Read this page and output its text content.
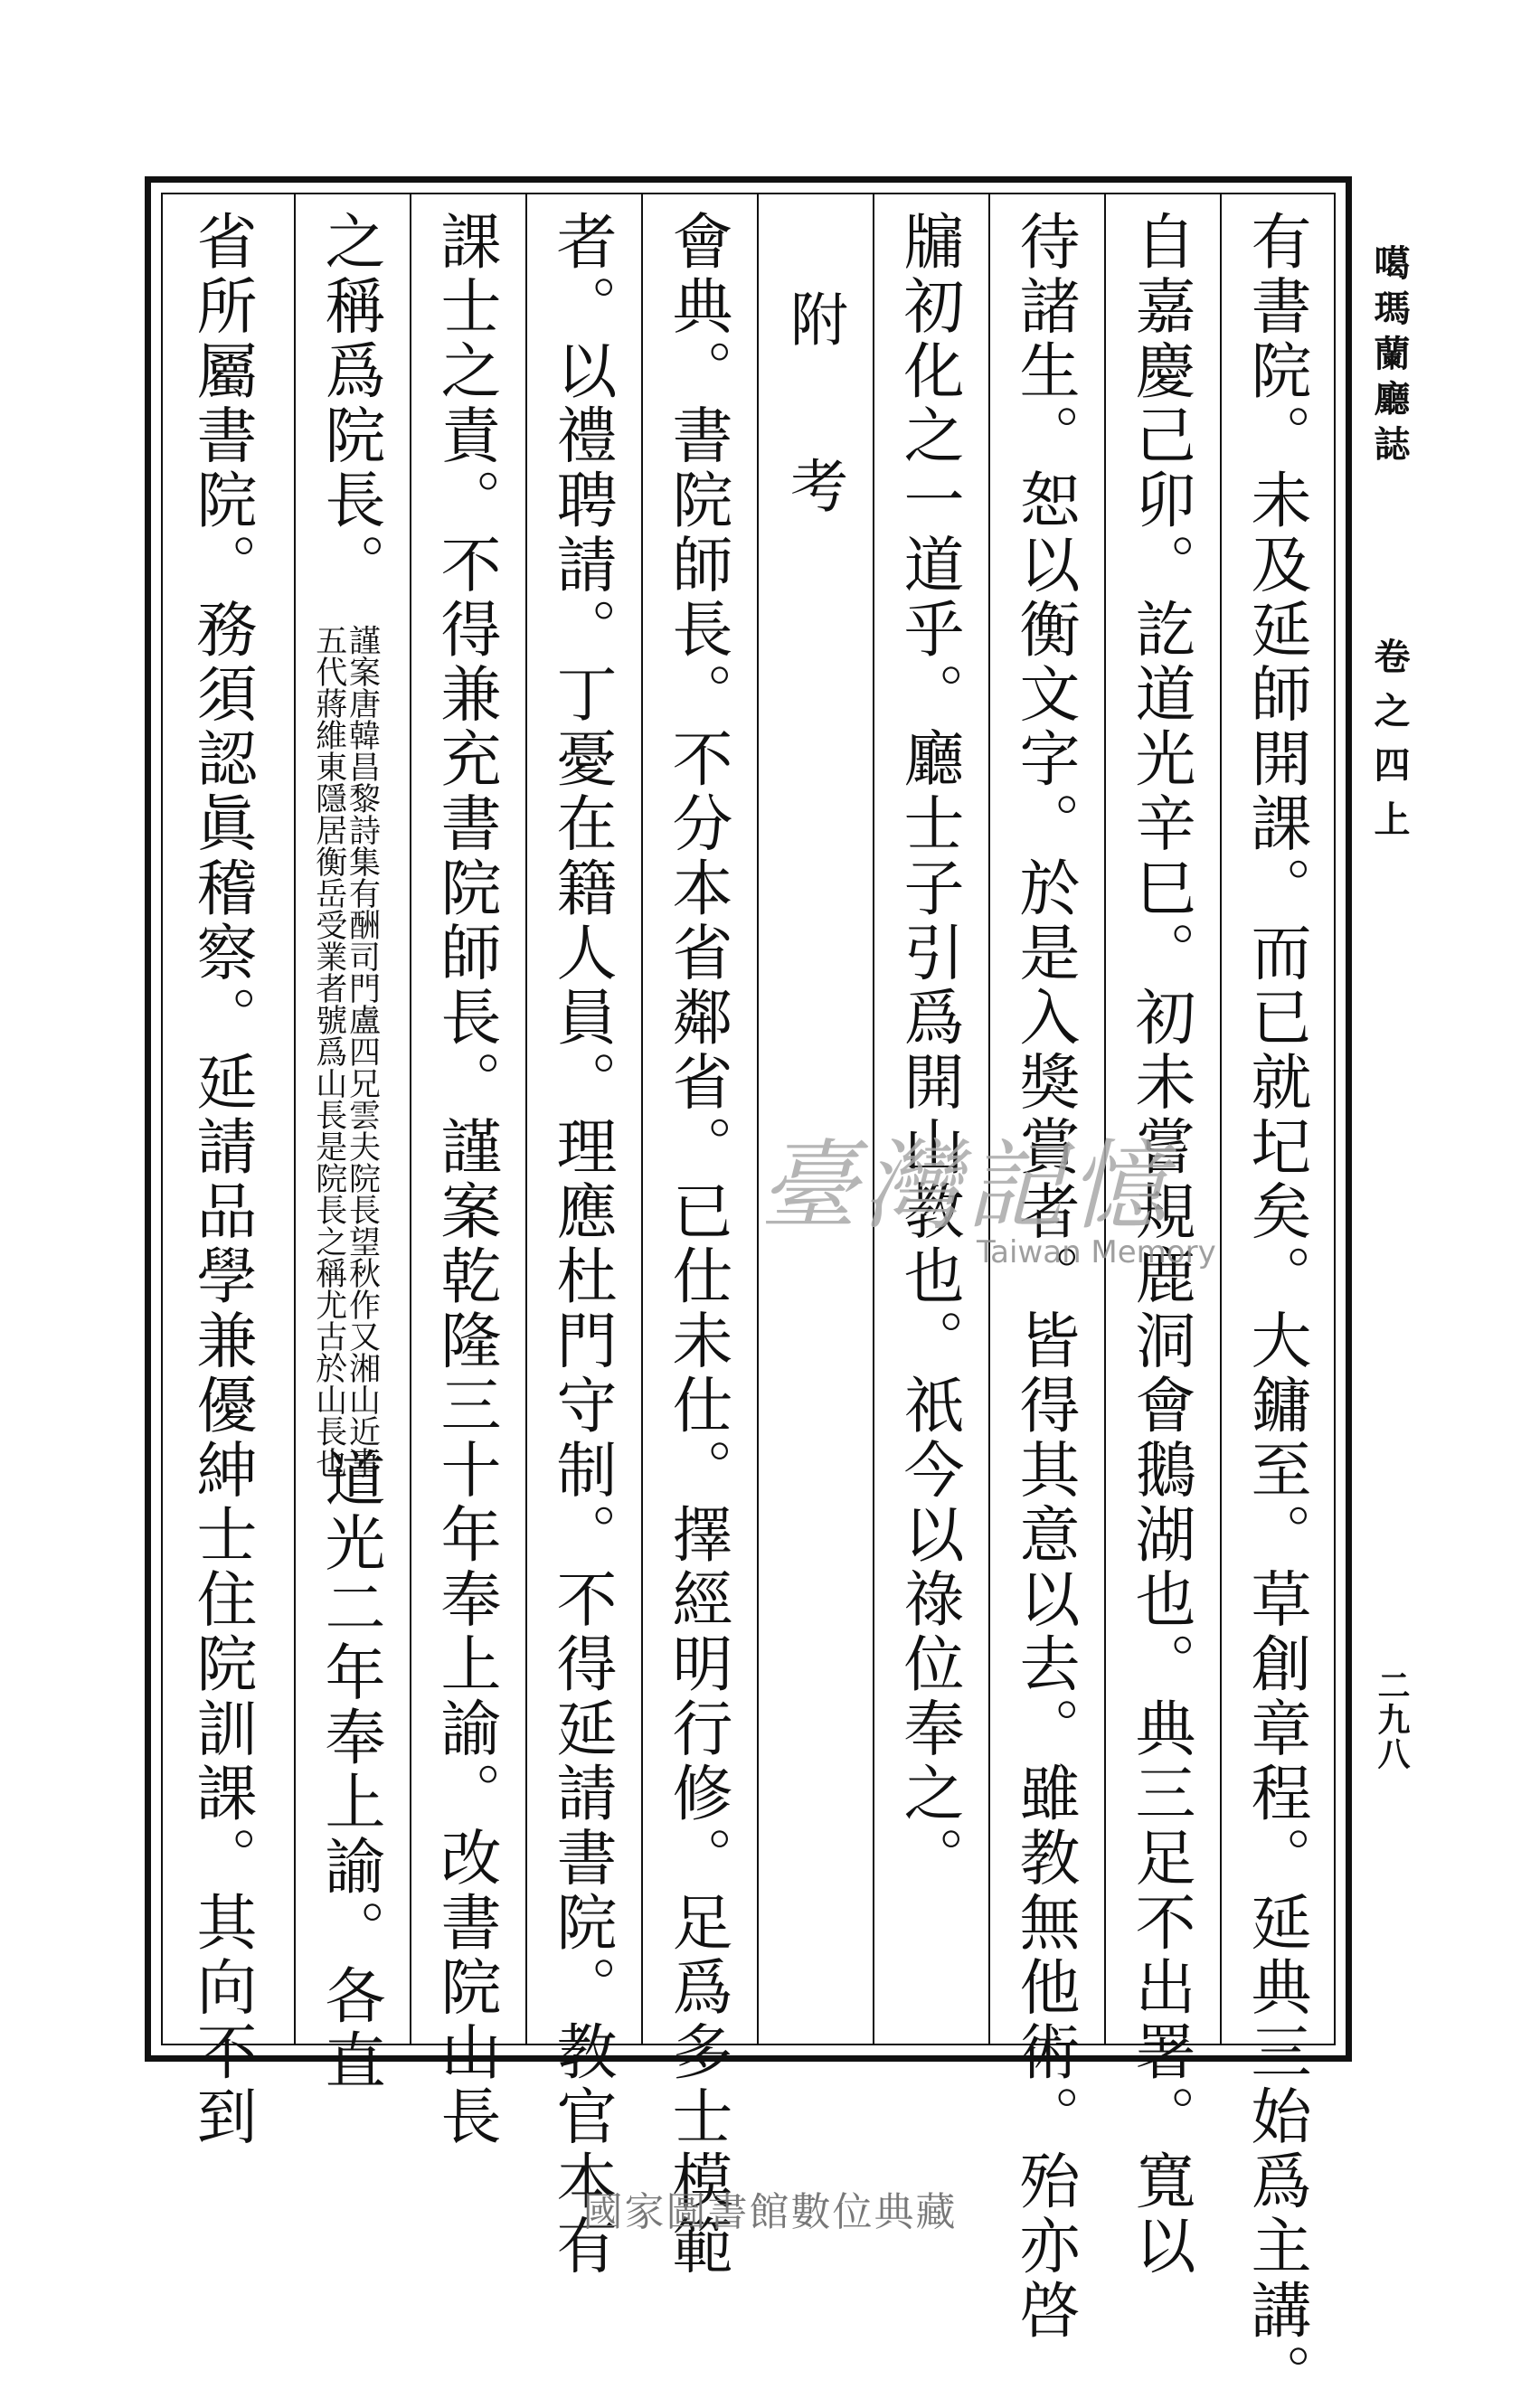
有書院。未及延師開課。而已就圮矣。大鏞至。草創章程。延典三始爲主講。
自嘉慶己卯。訖道光辛巳。初未嘗規鹿洞會鵝湖也。典三足不出署。寬以
待諸生。恕以衡文字。於是入獎賞者。皆得其意以去。雖教無他術。殆亦啓
牖初化之一道乎。廳士子引爲開山教也。祇今以祿位奉之。
附考
會典。書院師長。不分本省鄰省。已仕未仕。擇經明行修。足爲多士模範
者。以禮聘請。丁憂在籍人員。理應杜門守制。不得延請書院。教官本有
課士之責。不得兼充書院師長。謹案乾隆三十年奉上諭。改書院山長
之稱爲院長。
謹案唐韓昌黎詩集有酬司門盧四兄雲夫院長望秋作又湘山近事
五代蔣維東隱居衡岳受業者號爲山長是院長之稱尤古於山長也
道光二年奉上諭。各直
省所屬書院。務須認眞稽察。延請品學兼優紳士住院訓課。其向不到	噶瑪蘭廳誌
卷之四上
二九八
臺灣記憶
Taiwan Memory
國家圖書館數位典藏
